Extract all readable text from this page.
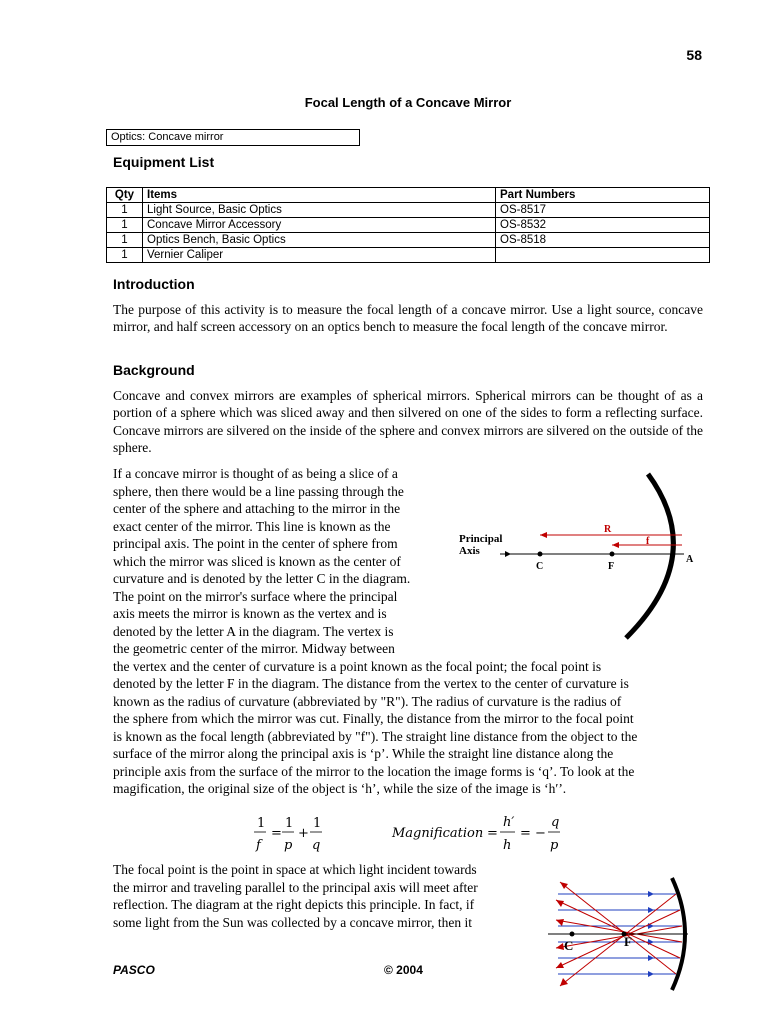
58
Focal Length of a Concave Mirror
Optics: Concave mirror
Equipment List
Qty	Items	Part Numbers
1	Light Source, Basic Optics	OS-8517
1	Concave Mirror Accessory	OS-8532
1	Optics Bench, Basic Optics	OS-8518
1	Vernier Caliper	
Introduction
The purpose of this activity is to measure the focal length of a concave mirror. Use a light source, concave mirror, and half screen accessory on an optics bench to measure the focal length of the concave mirror.
Background
Concave and convex mirrors are examples of spherical mirrors. Spherical mirrors can be thought of as a portion of a sphere which was sliced away and then silvered on one of the sides to form a reflecting surface. Concave mirrors are silvered on the inside of the sphere and convex mirrors are silvered on the outside of the sphere.
If a concave mirror is thought of as being a slice of a
sphere, then there would be a line passing through the
center of the sphere and attaching to the mirror in the
exact center of the mirror. This line is known as the
principal axis. The point in the center of sphere from
which the mirror was sliced is known as the center of
curvature and is denoted by the letter C in the diagram.
The point on the mirror's surface where the principal
axis meets the mirror is known as the vertex and is
denoted by the letter A in the diagram. The vertex is
the geometric center of the mirror. Midway between
the vertex and the center of curvature is a point known as the focal point; the focal point is
denoted by the letter F in the diagram. The distance from the vertex to the center of curvature is
known as the radius of curvature (abbreviated by "R"). The radius of curvature is the radius of
the sphere from which the mirror was cut. Finally, the distance from the mirror to the focal point
is known as the focal length (abbreviated by "f"). The straight line distance from the object to the
surface of the mirror along the principal axis is ‘p’. While the straight line distance along the
principle axis from the surface of the mirror to the location the image forms is ‘q’. To look at the
magification, the original size of the object is ‘h’, while the size of the image is ‘h′’.
Principal
Axis
R
f
C	F
A
1
f
=
1
p
+
1
q
Magnification =
h′
h
= −
q
p
The focal point is the point in space at which light incident towards
the mirror and traveling parallel to the principal axis will meet after
reflection. The diagram at the right depicts this principle. In fact, if
some light from the Sun was collected by a concave mirror, then it
C	F
PASCO	© 2004
